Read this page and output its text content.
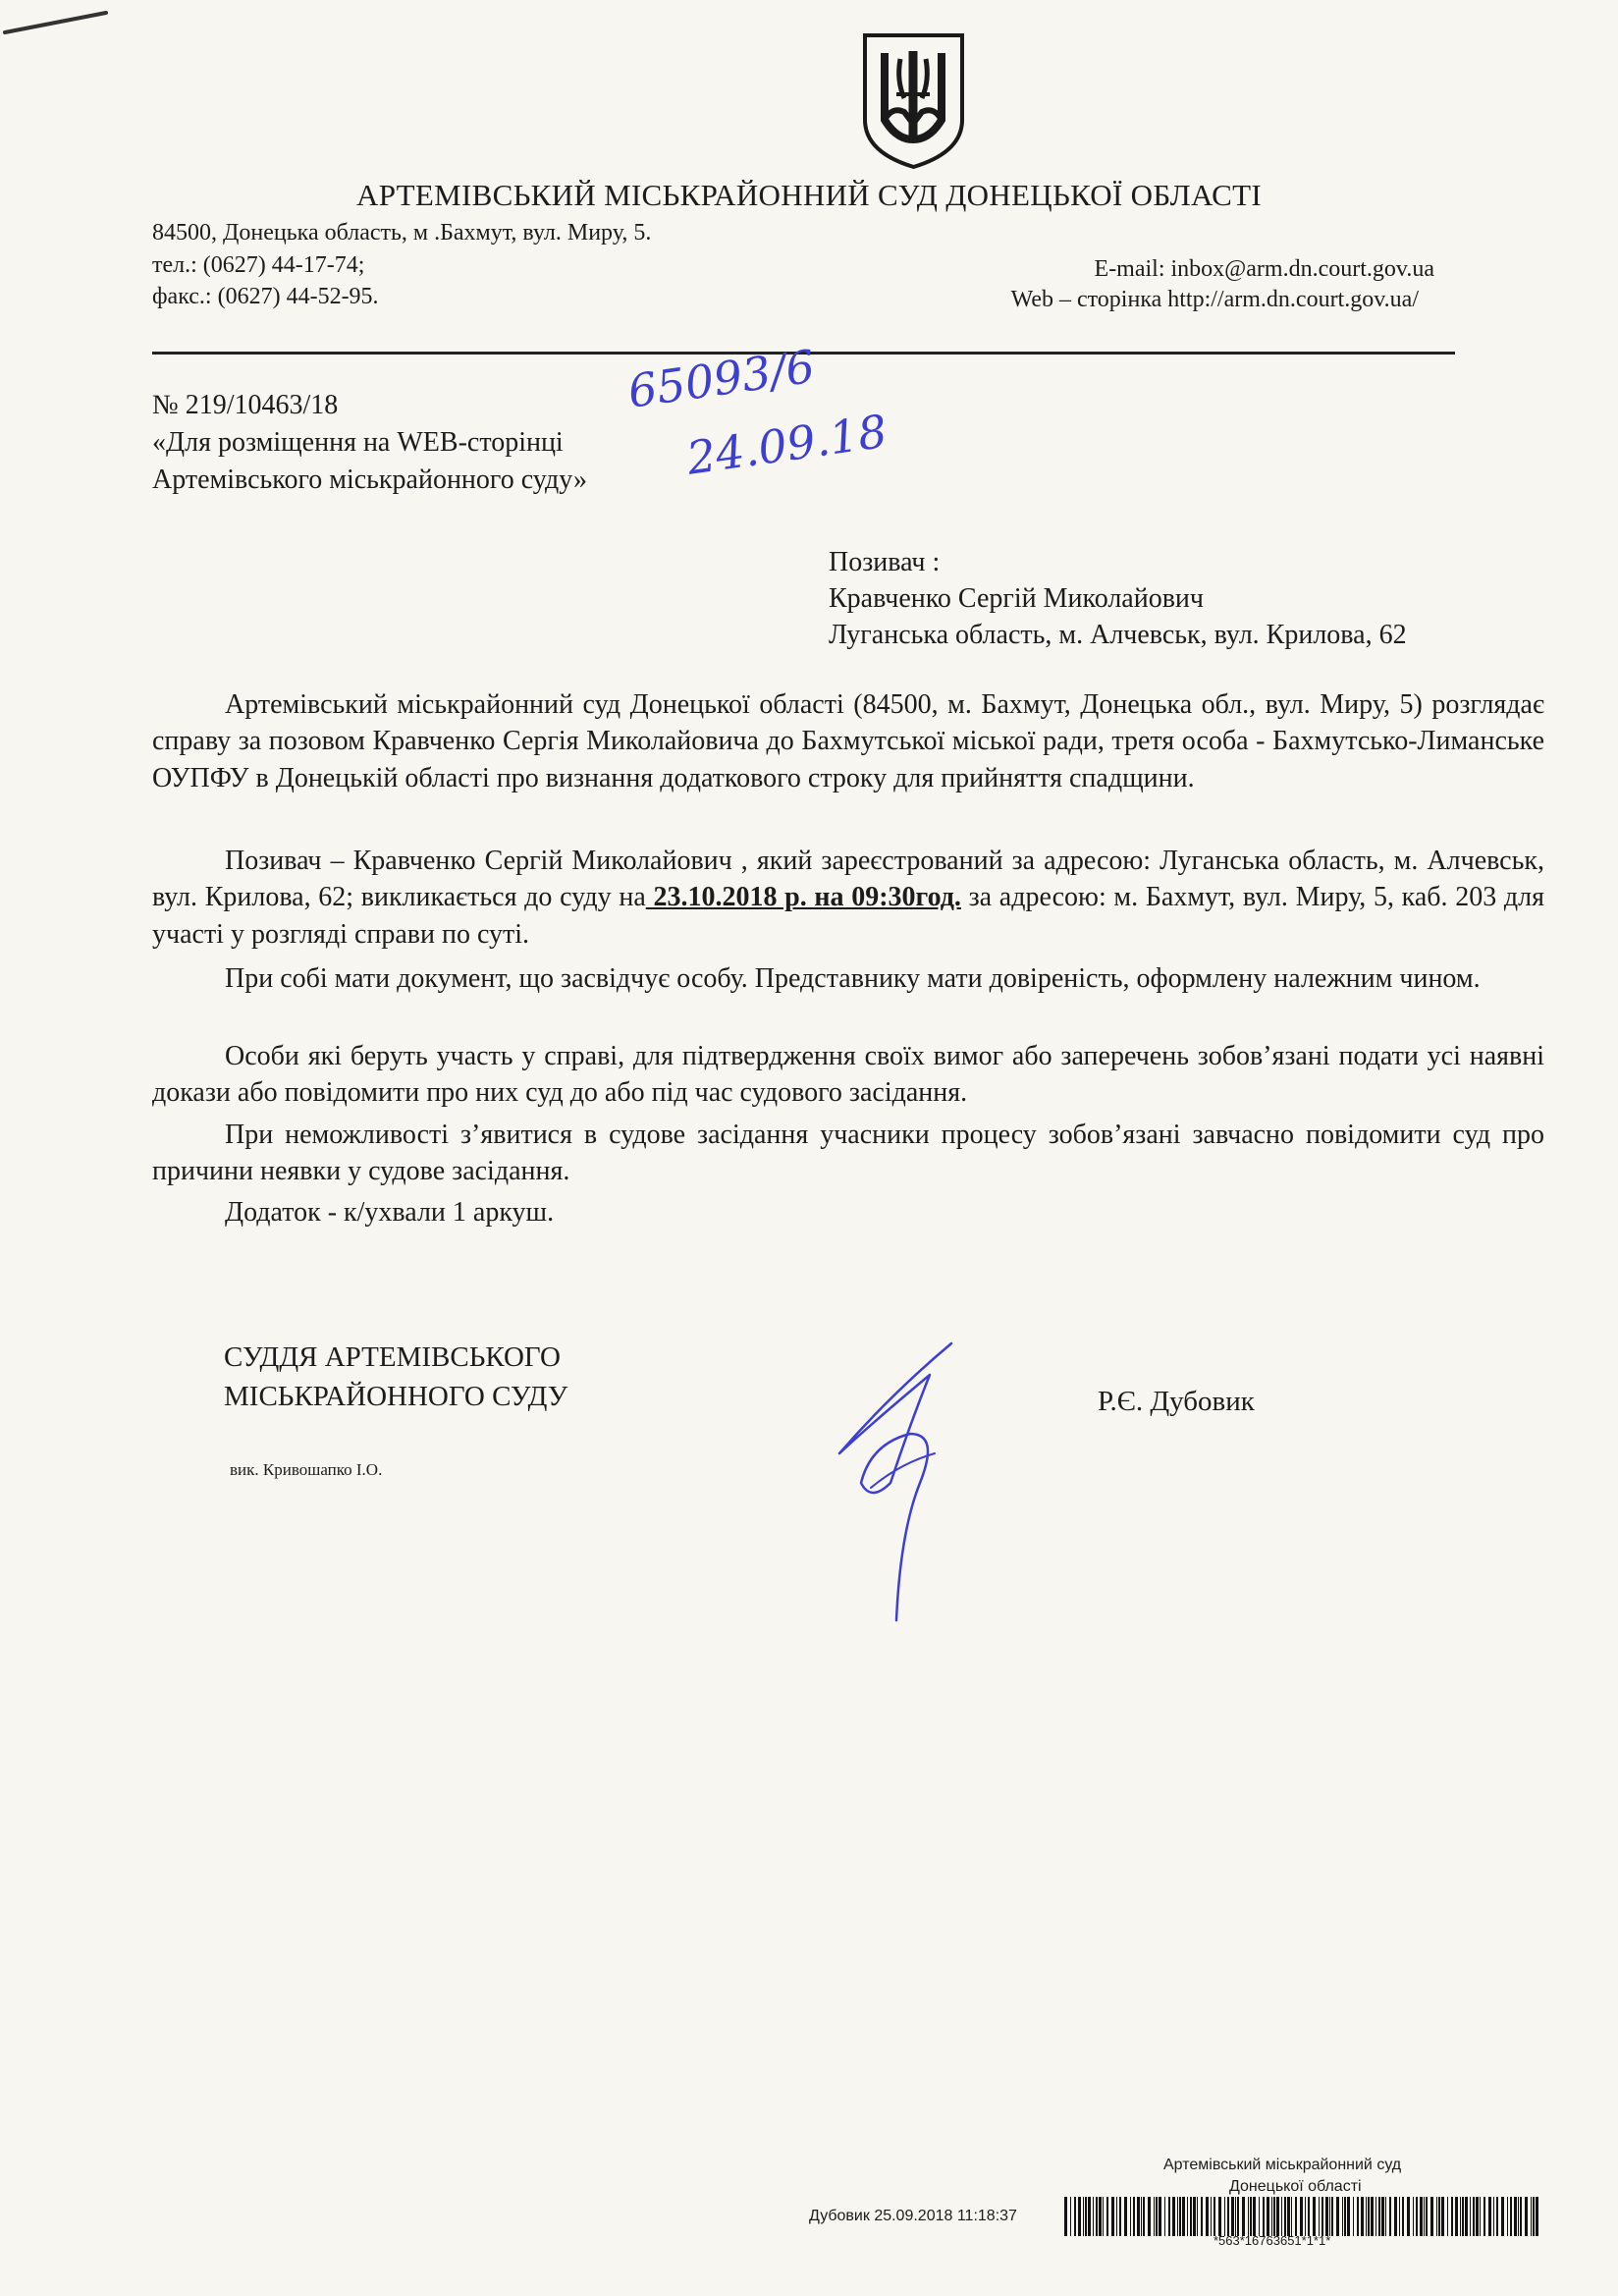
АРТЕМІВСЬКИЙ МІСЬКРАЙОННИЙ СУД ДОНЕЦЬКОЇ ОБЛАСТІ
84500, Донецька область, м .Бахмут, вул. Миру, 5.
тел.: (0627) 44-17-74;
факс.: (0627) 44-52-95.
E-mail: inbox@arm.dn.court.gov.ua
Web – сторінка http://arm.dn.court.gov.ua/
№ 219/10463/18
«Для розміщення на WEB-сторінці
Артемівського міськрайонного суду»
65093/6
24.09.18
Позивач :
Кравченко Сергій Миколайович
Луганська область, м. Алчевськ, вул. Крилова, 62

Артемівський міськрайонний суд Донецької області (84500, м. Бахмут, Донецька обл., вул. Миру, 5) розглядає справу за позовом Кравченко Сергія Миколайовича до Бахмутської міської ради, третя особа - Бахмутсько-Лиманське ОУПФУ в Донецькій області про визнання додаткового строку для прийняття спадщини.

Позивач – Кравченко Сергій Миколайович , який зареєстрований за адресою: Луганська область, м. Алчевськ, вул. Крилова, 62; викликається до суду на 23.10.2018 р. на 09:30год. за адресою: м. Бахмут, вул. Миру, 5, каб. 203 для участі у розгляді справи по суті.

При собі мати документ, що засвідчує особу. Представнику мати довіреність, оформлену належним чином.

Особи які беруть участь у справі, для підтвердження своїх вимог або заперечень зобов’язані подати усі наявні докази або повідомити про них суд до або під час судового засідання.

При неможливості з’явитися в судове засідання учасники процесу зобов’язані завчасно повідомити суд про причини неявки у судове засідання.

Додаток - к/ухвали 1 аркуш.

СУДДЯ АРТЕМІВСЬКОГО
МІСЬКРАЙОННОГО СУДУ	Р.Є. Дубовик
вик. Кривошапко І.О.
Артемівський міськрайонний суд
Донецької області
Дубовик 25.09.2018 11:18:37
*563*16763651*1*1*
